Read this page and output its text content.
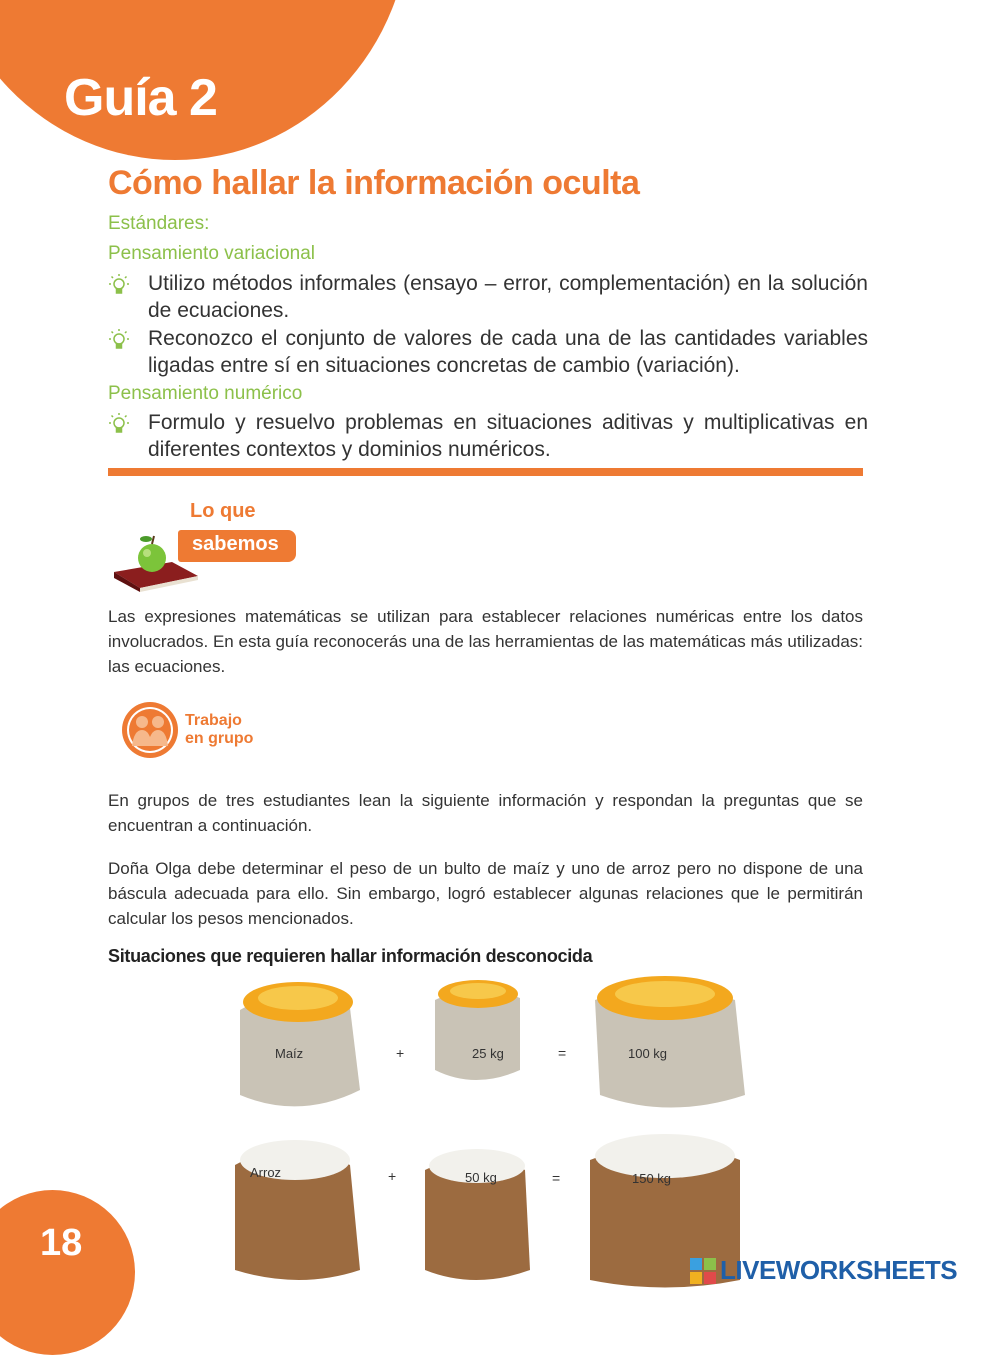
Guía 2
Cómo hallar la información oculta
Estándares:
Pensamiento variacional
Utilizo métodos informales (ensayo – error, complementación) en la solución de ecuaciones.
Reconozco el conjunto de valores de cada una de las cantidades variables ligadas entre sí en situaciones concretas de cambio (variación).
Pensamiento numérico
Formulo y resuelvo problemas en situaciones aditivas y multiplicativas en diferentes contextos y dominios numéricos.
Lo que
sabemos
Las expresiones matemáticas se utilizan para establecer relaciones numéricas entre los datos involucrados. En esta guía reconocerás una de las herramientas de las matemáticas más utilizadas: las ecuaciones.
Trabajo
en grupo
En grupos de tres estudiantes lean la siguiente información y respondan la preguntas que se encuentran a continuación.
Doña Olga debe determinar el peso de un bulto de maíz y uno de arroz pero no dispone de una báscula adecuada para ello. Sin embargo, logró establecer algunas relaciones que le permitirán calcular los pesos mencionados.
Situaciones que requieren hallar información desconocida
Maíz	+	25 kg	=	100 kg
Arroz	+	50 kg	=	150 kg
18
LIVEWORKSHEETS
